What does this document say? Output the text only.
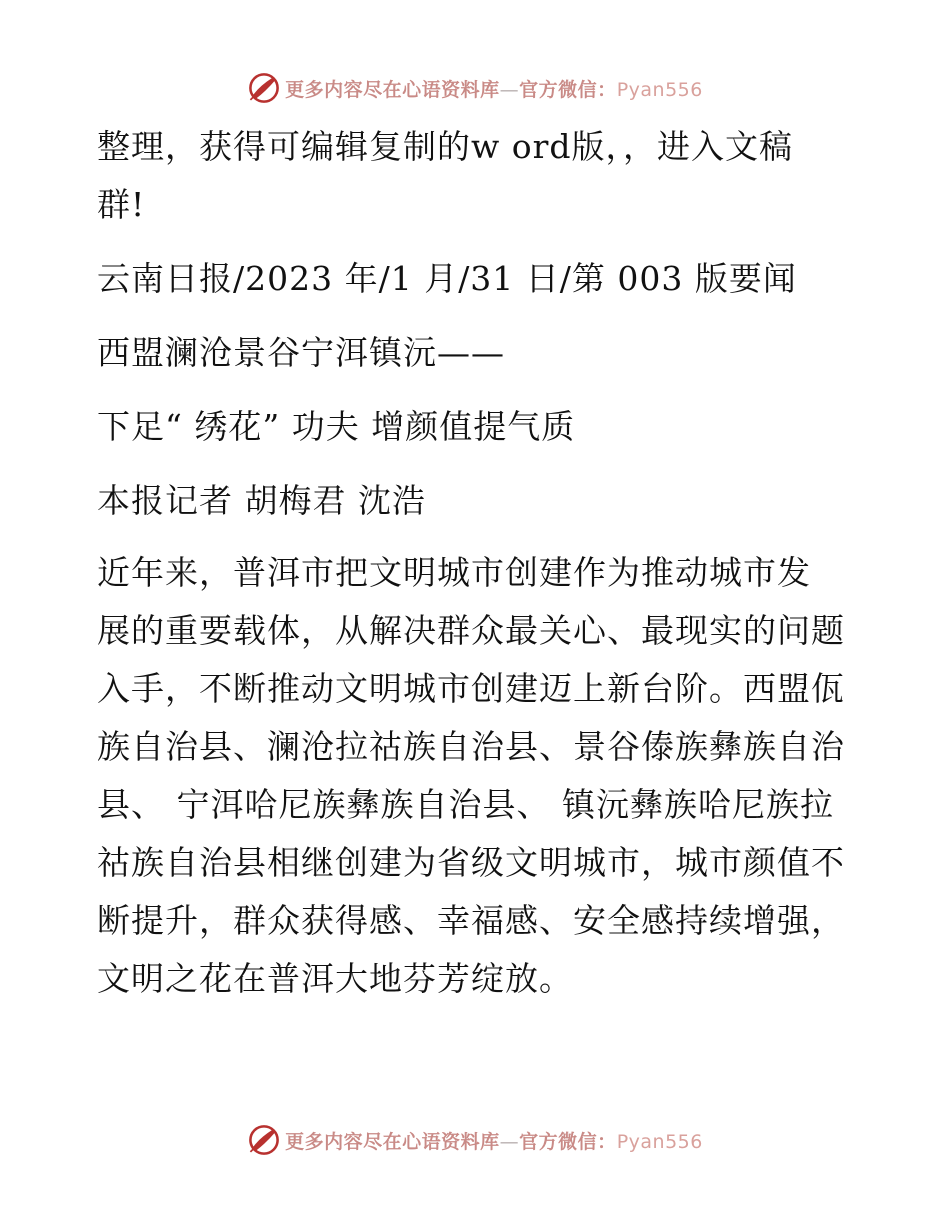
更多内容尽在心语资料库—官方微信：Pyan556
整理，获得可编辑复制的w ord版，，进入文稿
群!
云南日报/2023 年/1 月/31 日/第 003 版要闻
西盟澜沧景谷宁洱镇沅——
下足“ 绣花” 功夫 增颜值提气质
本报记者 胡梅君 沈浩
近年来，普洱市把文明城市创建作为推动城市发
展的重要载体，从解决群众最关心、最现实的问题
入手，不断推动文明城市创建迈上新台阶。西盟佤
族自治县、澜沧拉祜族自治县、景谷傣族彝族自治
县、 宁洱哈尼族彝族自治县、 镇沅彝族哈尼族拉
祜族自治县相继创建为省级文明城市，城市颜值不
断提升，群众获得感、幸福感、安全感持续增强，
文明之花在普洱大地芬芳绽放。
更多内容尽在心语资料库—官方微信：Pyan556
